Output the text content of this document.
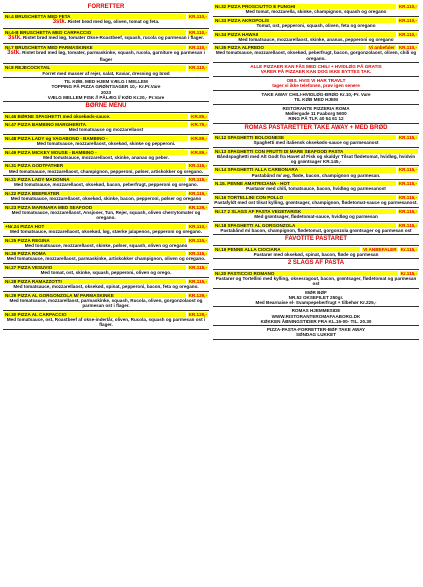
FORRETTER
Nr.4 BRUSCHETTA MED FETA	KR.110,-
3stk. Ristet brød med løg, oliven, tomat og feta.
Nr.4-B BRUSCHETTA MED CARPACCIO	KR.110,-
3stk. Ristet brød med løg, tomater Okse-Roastbeef, squash, rucola og parmesan i flager.
Nr.7 BRUSCHETTA MED PARMASKINKE	KR.110,-
3stk. Ristet brød med løg, tomater, parmaskinke, squash, rucola, garniture og parmesan i flager
Nr.8 REJECOCKTAIL	KR.110,-
Forret med masser af rejer, salat, Kaviar, dressing og brød
TIL KØB. MED HJEM VÆLG I MELLEM
TOPPING PÅ PIZZA GRØNTSAGER 10,- Kr.Pr.Vare
2023
VÆLG MELLEM FISK // PÅLÆG // KØD Kr.20,- Pr.Vare
BØRNE MENU
Nr.46 BØRNE SPAGHETTI med oksekøds-sauce.	KR.85,-
Nr.47 PIZZA BAMBINO MARGHERITA	KR.79,-
Med tomatsauce og mozzarellaost
Nr.48 PIZZA LADY og VAGABOND - BAMBINO -	KR.89,-
Med tomatsauce, mozzarellaost, oksekød, skinke og pepperoni.
Nr.49 PIZZA MICKEY MOUSE - BAMBINO -	KR.89,-
Med tomatsauce, mozzarellaost, skinke, ananas og peber.
Nr.31 PIZZA GODTFATHER	KR.115,-
Med tomatsauce, mozzarellaost, champignon, pepperoni, pølser, artiskokker og oregano.
Nr.21 PIZZA LADY MADONNA	KR.115,-
Med tomatsauce, mozzarellaost, oksekød, bacon, peberfrugt, pepperoni og oregano.
Nr.22 PIZZA BEEFEATER	KR.115,-
Med tomatsauce, mozzarellaost, oksekød, skinke, bacon, pepperoni, pølser og oregano
Nr.23 PIZZA MARINARA MED SEAFOOD	KR.129,-
Med tomatsauce, mozzarellaost, Ansjoser, Tun, Rejer, squash, oliven cherrytomater og oregano.
+Nr.24 PIZZA HOT	KR.110,-
Med tomatsauce, mozzarellaost, oksekød, løg, stærke jalapenos, pepperoni og oregano.
Nr.25 PIZZA REGINA	KR.115,-
Med tomatsauce, mozzarellaost, skinke, pølser, squash, oliven og oregano
Nr.26 PIZZA ROMA	KR.115,-
Med tomatsauce, mozzarellaost, parmaskinke, artiskokker champignon, oliven og oregano.
Nr.27 PIZZA VESUVIO	KR.115,-
Med tomat, ost, skinke, squash, pepperoni, oliven og orego.
Nr.28 PIZZA RAMAZZOTTI	KR.115,-
Med tomatsauce, mozzarellaost, oksekød, spinat, pepperoni, bacon, feta og oregano.
Nr.29 PIZZA AL GORGONZOLA M/ PARMASKINKE	KR.129,-
Med tomatsauce, mozzarellaost, parmaskinke, squash, Rucola, oliven, gorgonzolaost og parmesan ost i flager.
Nr.30 PIZZA AL CARPACCIO	KR.129,-
Med tomatsauce, ost, Roastbeef af okse-inderlår, oliven, Rucola, squash og parmesan ost i flager.
Nr.32 PIZZA PROSCIUTTO E FUNGHI	KR.110,-
Med tomat, mozzarella, skinke, champignon, squash og oregano
Nr.33 PIZZA AKROPOLIS	KR.110,-
Tomat, ost, pepperoni, squash, oliven, feta og oregano
Nr.34 PIZZA HAWAII	KR.110,-
Med tomatsauce, mozzarellaost, skinke, ananas, pepperoni og oregano
Nr.35 PIZZA ALFREDO	Vi anbefaler KR.110,-
Med tomatsauce, mozzarellaost, oksekød, peberfrugt, bacon, gorgonzolaost, oliven, chili og oregano.
ALLE PIZZAER KAN FÅS MED CHILI + HVIDLØG PÅ GRATIS
VARER PÅ PIZZAER KAN DOG IKKE BYTTES TAK.
OBS. HVIS VI HAR TRAVLT
tager vi ikke telefonen, prøv igen senere
TAKE AWAY CHILI-HVIDLØG-BRØD Kr.10,-Pr. Vare
TIL KØB MED HJEM
RISTORANTE PIZZERIA ROMA
Møllergade 11 Faaborg 5600
RING PÅ TLF. 40 54 61 12
ROMAS PASTARETTER TAKE AWAY + MED BRØD
Nr.12 SPAGHETTI BOLOGNESE	KR.115,-
Spaghetti med italiensk oksekøds-sauce og parmesanost
Nr.13 SPAGHETTI CON FRUTTI DI MARE SEAFOOD PASTA
Båndspaghetti med Alt Godt fra Havet af Fisk og skaldyr Tilsat flødetomat, hvidløg, hvidvin og grøntsager KR.145,-
Nr.14 SPAGHETTI ALLA CARBONARA	KR.115,-
Pastabånd m/ æg, fløde, bacon, champignon og parmesan.
N.15. PENNE AMATRICIANA - HOT	KR.115,-
Pastarør med chili, tomatsauce, bacon, hvidløg og parmesanost
Nr.16 TORTELLINI CON POLLO	KR.115,-
Pastafyldt med ost tilsat kylling, grøntsager, champignon, flødetomat-sauce og parmesanost.
Nr.17 2 SLAGS AF PASTA VEGETARISK	KR.115,-
Med grøntsager, flødetomat-sauce, hvidløg og parmesan
Nr.18 SPAGHETTI AL GORGONZOLA	KR.115,-
Pastabånd m/ bacon, champignon, flødetomat, gorgonzola grøntsager og parmesan ost
FAVOTITE PASTARET
Nr.19 PENNE ALLA CIOCIARA	VI ANBEFALER Kr.115,-
Pastarør med oksekød, spinat, bacon, fløde og parmesan
2 SLAGS AF PASTA
Nr.20 PASTICCIO ROMANO	Kr.115,-
Pastarør og Tortellini med kylling, oksesragout, bacon, grøntsager, flødetomat og parmesan ost
MØR BØF
NR.52 OKSEFILET 250gr.
Med Bearnaise el- Svampepeberfrugt + tilbehør Kr.225,-
ROMAS HJEMMESIDE
WWW.RISTORANTEROMAFAABORG.DK
KØKKEN ÅBNINGSTIDER FRA KL.16-00- TIL. 20.30
PIZZA-PASTA-FORRETTER-BØF TAKE AWAY
SØNDAG LUKKET
